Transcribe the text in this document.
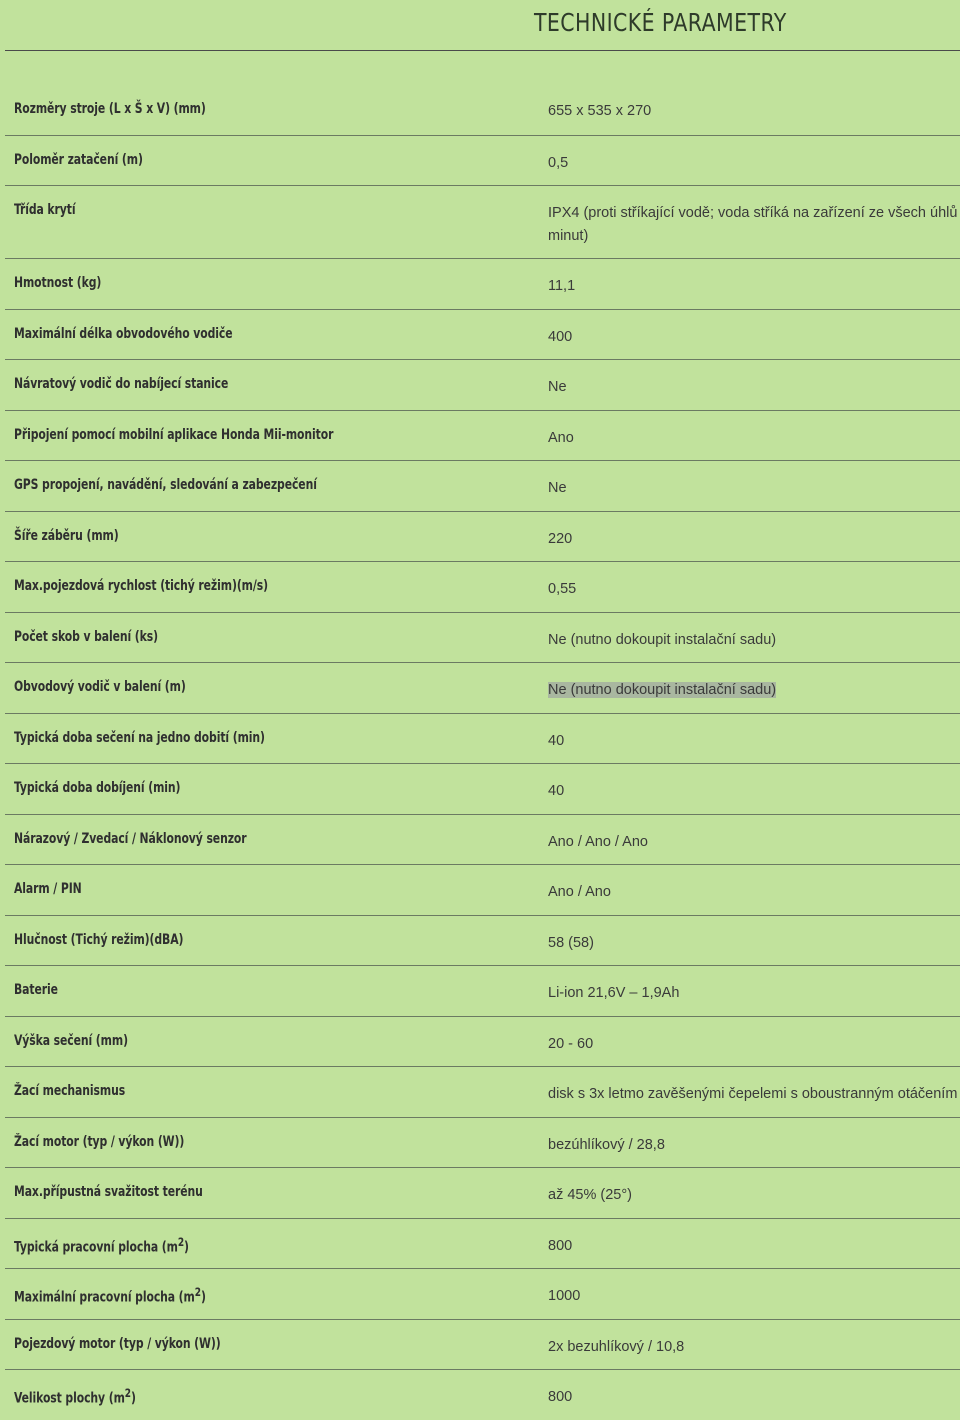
TECHNICKÉ PARAMETRY
Rozměry stroje (L x Š x V) (mm)	655 x 535 x 270
Poloměr zatačení (m)	0,5
Třída krytí	IPX4 (proti stříkající vodě; voda stříká na zařízení ze všech úhlů
minut)

Hmotnost (kg)	11,1
Maximální délka obvodového vodiče	400
Návratový vodič do nabíjecí stanice	Ne
Připojení pomocí mobilní aplikace Honda Mii-monitor	Ano
GPS propojení, navádění, sledování a zabezpečení	Ne
Šíře záběru (mm)	220
Max.pojezdová rychlost (tichý režim)(m/s)	0,55
Počet skob v balení (ks)	Ne (nutno dokoupit instalační sadu)
Obvodový vodič v balení (m)	Ne (nutno dokoupit instalační sadu)
Typická doba sečení na jedno dobití (min)	40
Typická doba dobíjení (min)	40
Nárazový / Zvedací / Náklonový senzor	Ano / Ano / Ano
Alarm / PIN	Ano / Ano
Hlučnost (Tichý režim)(dBA)	58 (58)
Baterie	Li-ion 21,6V – 1,9Ah
Výška sečení (mm)	20 - 60
Žací mechanismus	disk s 3x letmo zavěšenými čepelemi s oboustranným otáčením
Žací motor (typ / výkon (W))	bezúhlíkový / 28,8
Max.přípustná svažitost terénu	až 45% (25°)
Typická pracovní plocha $(m^2)$	800
Maximální pracovní plocha $(m^2)$	1000
Pojezdový motor (typ / výkon (W))	2x bezuhlíkový / 10,8
Velikost plochy $(m^2)$	800
